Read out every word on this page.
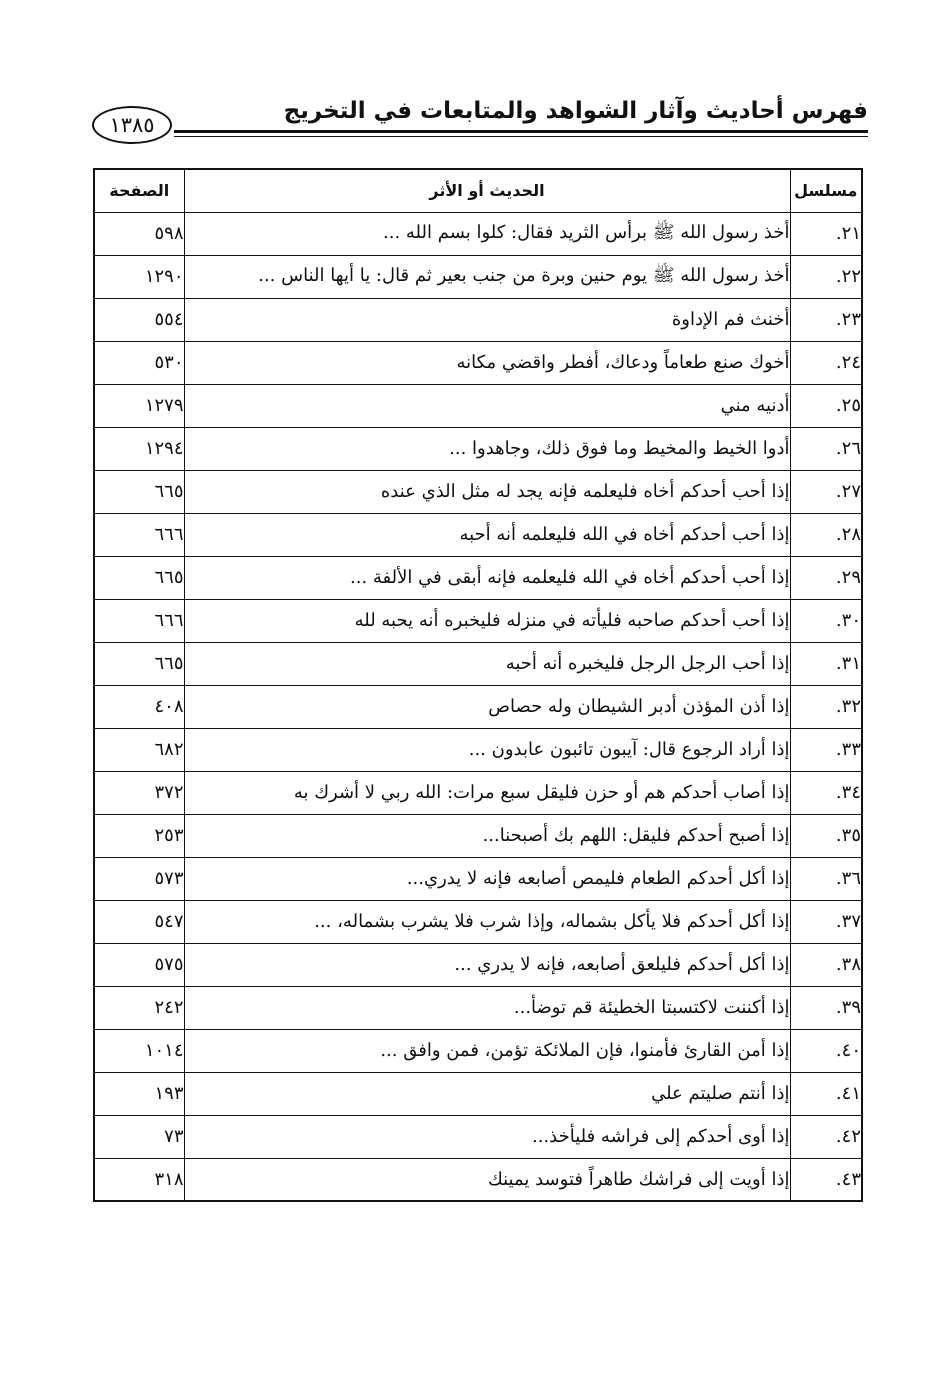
فهرس أحاديث وآثار الشواهد والمتابعات في التخريج
١٣٨٥
مسلسل	الحديث أو الأثر	الصفحة
٢١.	أخذ رسول الله ﷺ برأس الثريد فقال: كلوا بسم الله ...	٥٩٨
٢٢.	أخذ رسول الله ﷺ يوم حنين وبرة من جنب بعير ثم قال: يا أيها الناس ...	١٢٩٠
٢٣.	أخنث فم الإداوة	٥٥٤
٢٤.	أخوك صنع طعاماً ودعاك، أفطر واقضي مكانه	٥٣٠
٢٥.	أدنيه مني	١٢٧٩
٢٦.	أدوا الخيط والمخيط وما فوق ذلك، وجاهدوا ...	١٢٩٤
٢٧.	إذا أحب أحدكم أخاه فليعلمه فإنه يجد له مثل الذي عنده	٦٦٥
٢٨.	إذا أحب أحدكم أخاه في الله فليعلمه أنه أحبه	٦٦٦
٢٩.	إذا أحب أحدكم أخاه في الله فليعلمه فإنه أبقى في الألفة ...	٦٦٥
٣٠.	إذا أحب أحدكم صاحبه فليأته في منزله فليخبره أنه يحبه لله	٦٦٦
٣١.	إذا أحب الرجل الرجل فليخبره أنه أحبه	٦٦٥
٣٢.	إذا أذن المؤذن أدبر الشيطان وله حصاص	٤٠٨
٣٣.	إذا أراد الرجوع قال: آيبون تائبون عابدون ...	٦٨٢
٣٤.	إذا أصاب أحدكم هم أو حزن فليقل سبع مرات: الله ربي لا أشرك به	٣٧٢
٣٥.	إذا أصبح أحدكم فليقل: اللهم بك أصبحنا...	٢٥٣
٣٦.	إذا أكل أحدكم الطعام فليمص أصابعه فإنه لا يدري...	٥٧٣
٣٧.	إذا أكل أحدكم فلا يأكل بشماله، وإذا شرب فلا يشرب بشماله، ...	٥٤٧
٣٨.	إذا أكل أحدكم فليلعق أصابعه، فإنه لا يدري ...	٥٧٥
٣٩.	إذا أكننت لاكتسبتا الخطيئة قم توضأ...	٢٤٢
٤٠.	إذا أمن القارئ فأمنوا، فإن الملائكة تؤمن، فمن وافق ...	١٠١٤
٤١.	إذا أنتم صليتم علي	١٩٣
٤٢.	إذا أوى أحدكم إلى فراشه فليأخذ...	٧٣
٤٣.	إذا أويت إلى فراشك طاهراً فتوسد يمينك	٣١٨
